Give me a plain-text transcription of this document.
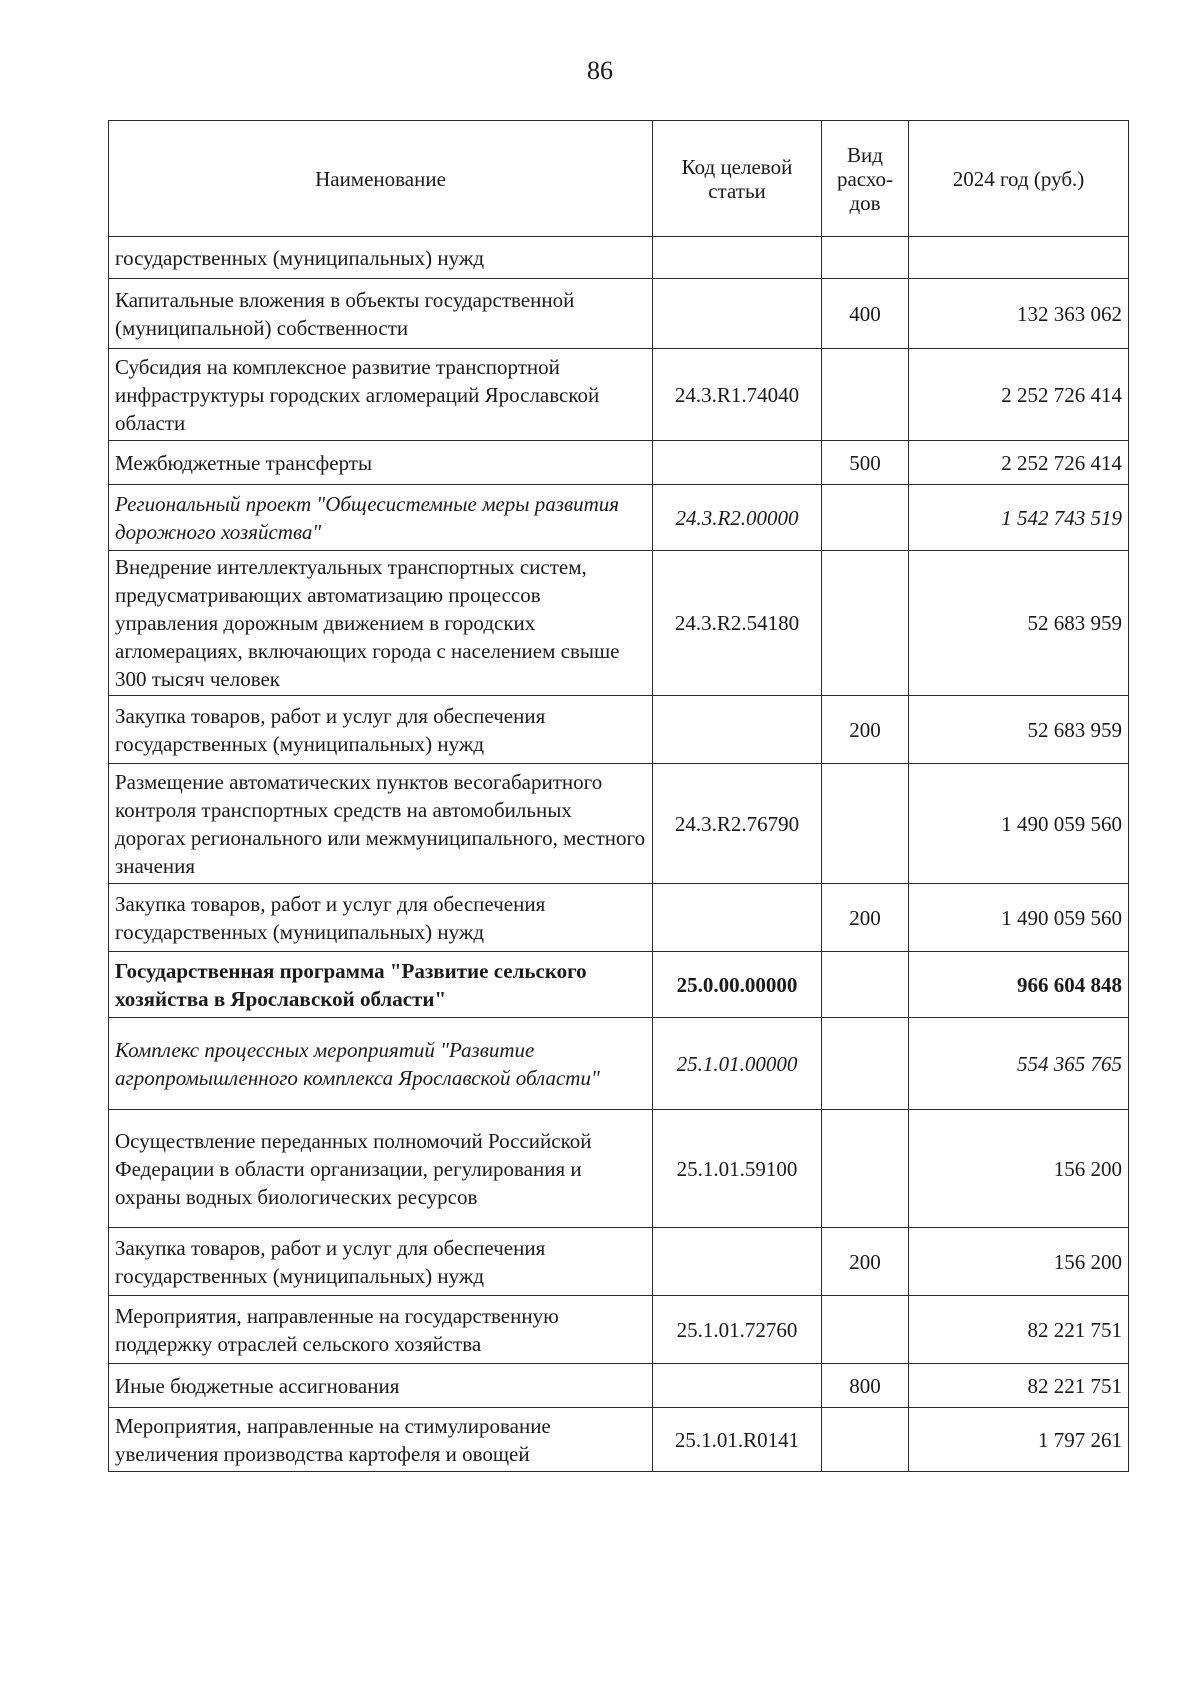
86
Наименование	Код целевой статьи	Вид расхо-дов	2024 год (руб.)
государственных (муниципальных) нужд			
Капитальные вложения в объекты государственной (муниципальной) собственности		400	132 363 062
Субсидия на комплексное развитие транспортной инфраструктуры городских агломераций Ярославской области	24.3.R1.74040		2 252 726 414
Межбюджетные трансферты		500	2 252 726 414
Региональный проект "Общесистемные меры развития дорожного хозяйства"	24.3.R2.00000		1 542 743 519
Внедрение интеллектуальных транспортных систем, предусматривающих автоматизацию процессов управления дорожным движением в городских агломерациях, включающих города с населением свыше 300 тысяч человек	24.3.R2.54180		52 683 959
Закупка товаров, работ и услуг для обеспечения государственных (муниципальных) нужд		200	52 683 959
Размещение автоматических пунктов весогабаритного контроля транспортных средств на автомобильных дорогах регионального или межмуниципального, местного значения	24.3.R2.76790		1 490 059 560
Закупка товаров, работ и услуг для обеспечения государственных (муниципальных) нужд		200	1 490 059 560
Государственная программа "Развитие сельского хозяйства в Ярославской области"	25.0.00.00000		966 604 848
Комплекс процессных мероприятий "Развитие агропромышленного комплекса Ярославской области"	25.1.01.00000		554 365 765
Осуществление переданных полномочий Российской Федерации в области организации, регулирования и охраны водных биологических ресурсов	25.1.01.59100		156 200
Закупка товаров, работ и услуг для обеспечения государственных (муниципальных) нужд		200	156 200
Мероприятия, направленные на государственную поддержку отраслей сельского хозяйства	25.1.01.72760		82 221 751
Иные бюджетные ассигнования		800	82 221 751
Мероприятия, направленные на стимулирование увеличения производства картофеля и овощей	25.1.01.R0141		1 797 261
